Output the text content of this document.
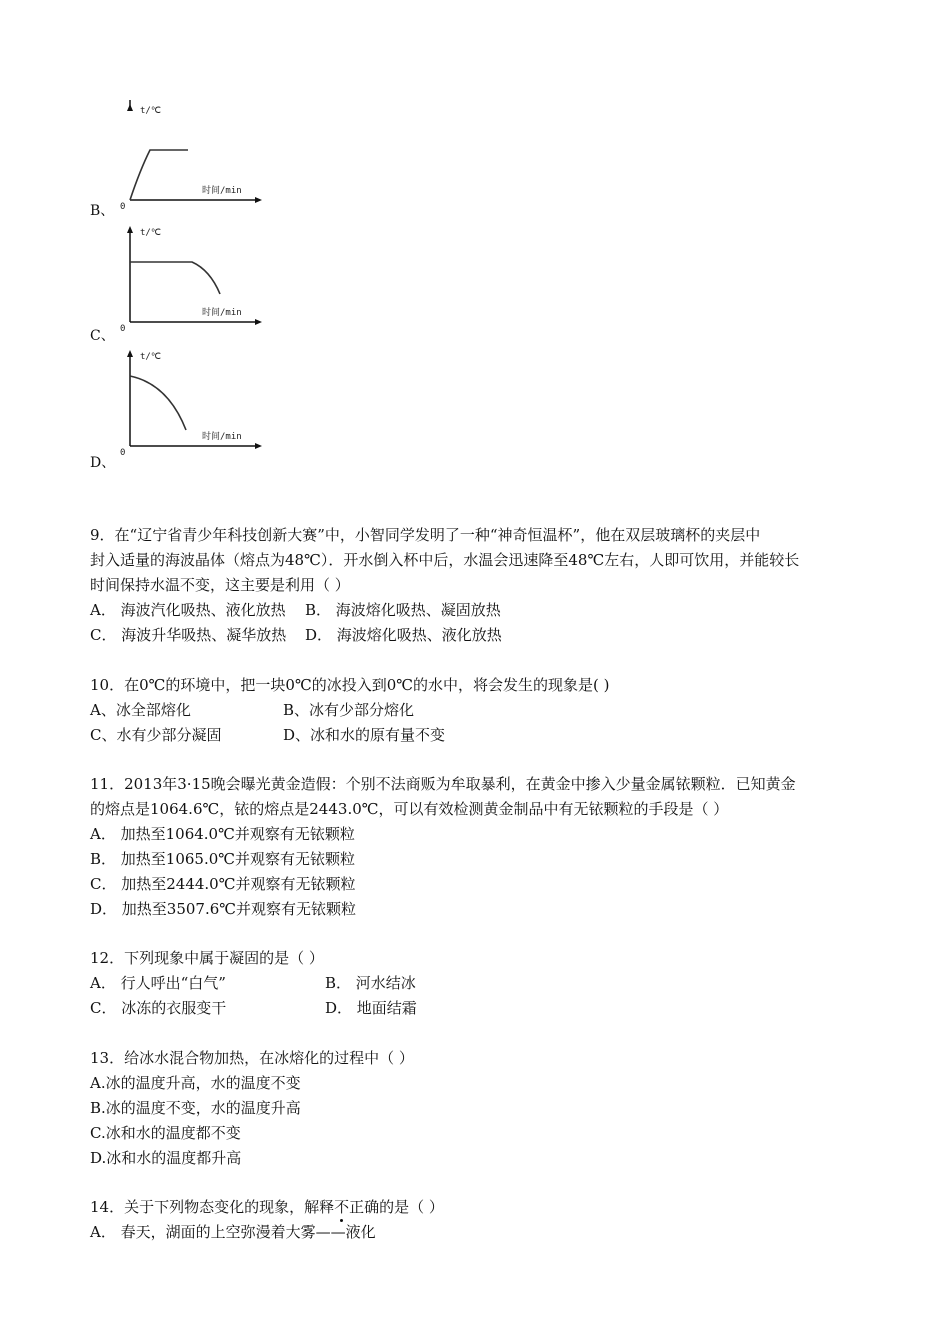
t/℃
时间/min
0
B、
t/℃
时间/min
0
C、
t/℃
时间/min
0
D、
9．在“辽宁省青少年科技创新大赛”中，小智同学发明了一种“神奇恒温杯”，他在双层玻璃杯的夹层中
封入适量的海波晶体（熔点为48℃）．开水倒入杯中后，水温会迅速降至48℃左右，人即可饮用，并能较长
时间保持水温不变，这主要是利用（ ）
A． 海波汽化吸热、液化放热 B． 海波熔化吸热、凝固放热
C． 海波升华吸热、凝华放热 D． 海波熔化吸热、液化放热
10．在0℃的环境中，把一块0℃的冰投入到0℃的水中，将会发生的现象是( )
A、冰全部熔化	B、冰有少部分熔化
C、水有少部分凝固	D、冰和水的原有量不变
11．2013年3·15晚会曝光黄金造假：个别不法商贩为牟取暴利，在黄金中掺入少量金属铱颗粒．已知黄金
的熔点是1064.6℃，铱的熔点是2443.0℃，可以有效检测黄金制品中有无铱颗粒的手段是（ ）
A． 加热至1064.0℃并观察有无铱颗粒
B． 加热至1065.0℃并观察有无铱颗粒
C． 加热至2444.0℃并观察有无铱颗粒
D． 加热至3507.6℃并观察有无铱颗粒
12．下列现象中属于凝固的是（ ）
A． 行人呼出“白气”	B． 河水结冰
C． 冰冻的衣服变干	D． 地面结霜
13．给冰水混合物加热，在冰熔化的过程中（ ）
A.冰的温度升高，水的温度不变
B.冰的温度不变，水的温度升高
C.冰和水的温度都不变
D.冰和水的温度都升高
14．关于下列物态变化的现象，解释不正确的是（ ）
A． 春天，湖面的上空弥漫着大雾——液化
